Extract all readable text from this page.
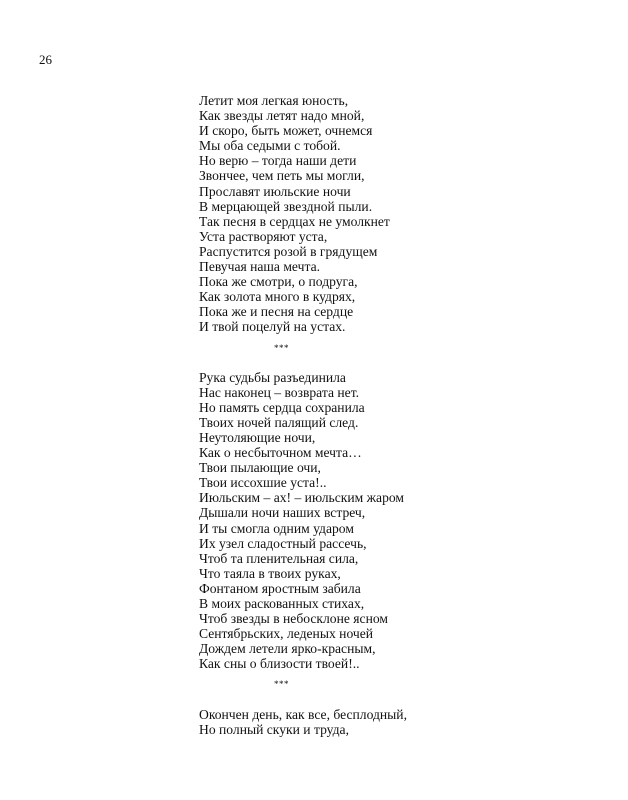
26
Летит моя легкая юность,
Как звезды летят надо мной,
И скоро, быть может, очнемся
Мы оба седыми с тобой.
Но верю – тогда наши дети
Звончее, чем петь мы могли,
Прославят июльские ночи
В мерцающей звездной пыли.
Так песня в сердцах не умолкнет
Уста растворяют уста,
Распустится розой в грядущем
Певучая наша мечта.
Пока же смотри, о подруга,
Как золота много в кудрях,
Пока же и песня на сердце
И твой поцелуй на устах.
***
Рука судьбы разъединила
Нас наконец – возврата нет.
Но память сердца сохранила
Твоих ночей палящий след.
Неутоляющие ночи,
Как о несбыточном мечта…
Твои пылающие очи,
Твои иссохшие уста!..
Июльским – ах! – июльским жаром
Дышали ночи наших встреч,
И ты смогла одним ударом
Их узел сладостный рассечь,
Чтоб та пленительная сила,
Что таяла в твоих руках,
Фонтаном яростным забила
В моих раскованных стихах,
Чтоб звезды в небосклоне ясном
Сентябрьских, леденых ночей
Дождем летели ярко-красным,
Как сны о близости твоей!..
***
Окончен день, как все, бесплодный,
Но полный скуки и труда,
